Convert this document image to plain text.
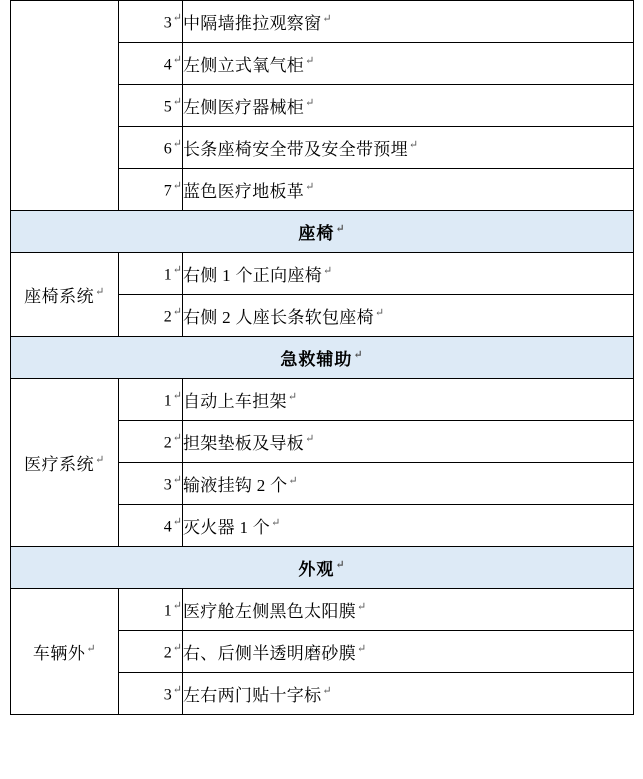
	3↵	中隔墙推拉观察窗↵
	4↵	左侧立式氧气柜↵
	5↵	左侧医疗器械柜↵
	6↵	长条座椅安全带及安全带预埋↵
	7↵	蓝色医疗地板革↵
座椅↵
座椅系统↵	1↵	右侧 1 个正向座椅↵
	2↵	右侧 2 人座长条软包座椅↵
急救辅助↵
医疗系统↵	1↵	自动上车担架↵
	2↵	担架垫板及导板↵
	3↵	输液挂钩 2 个↵
	4↵	灭火器 1 个↵
外观↵
车辆外↵	1↵	医疗舱左侧黑色太阳膜↵
	2↵	右、后侧半透明磨砂膜↵
	3↵	左右两门贴十字标↵
